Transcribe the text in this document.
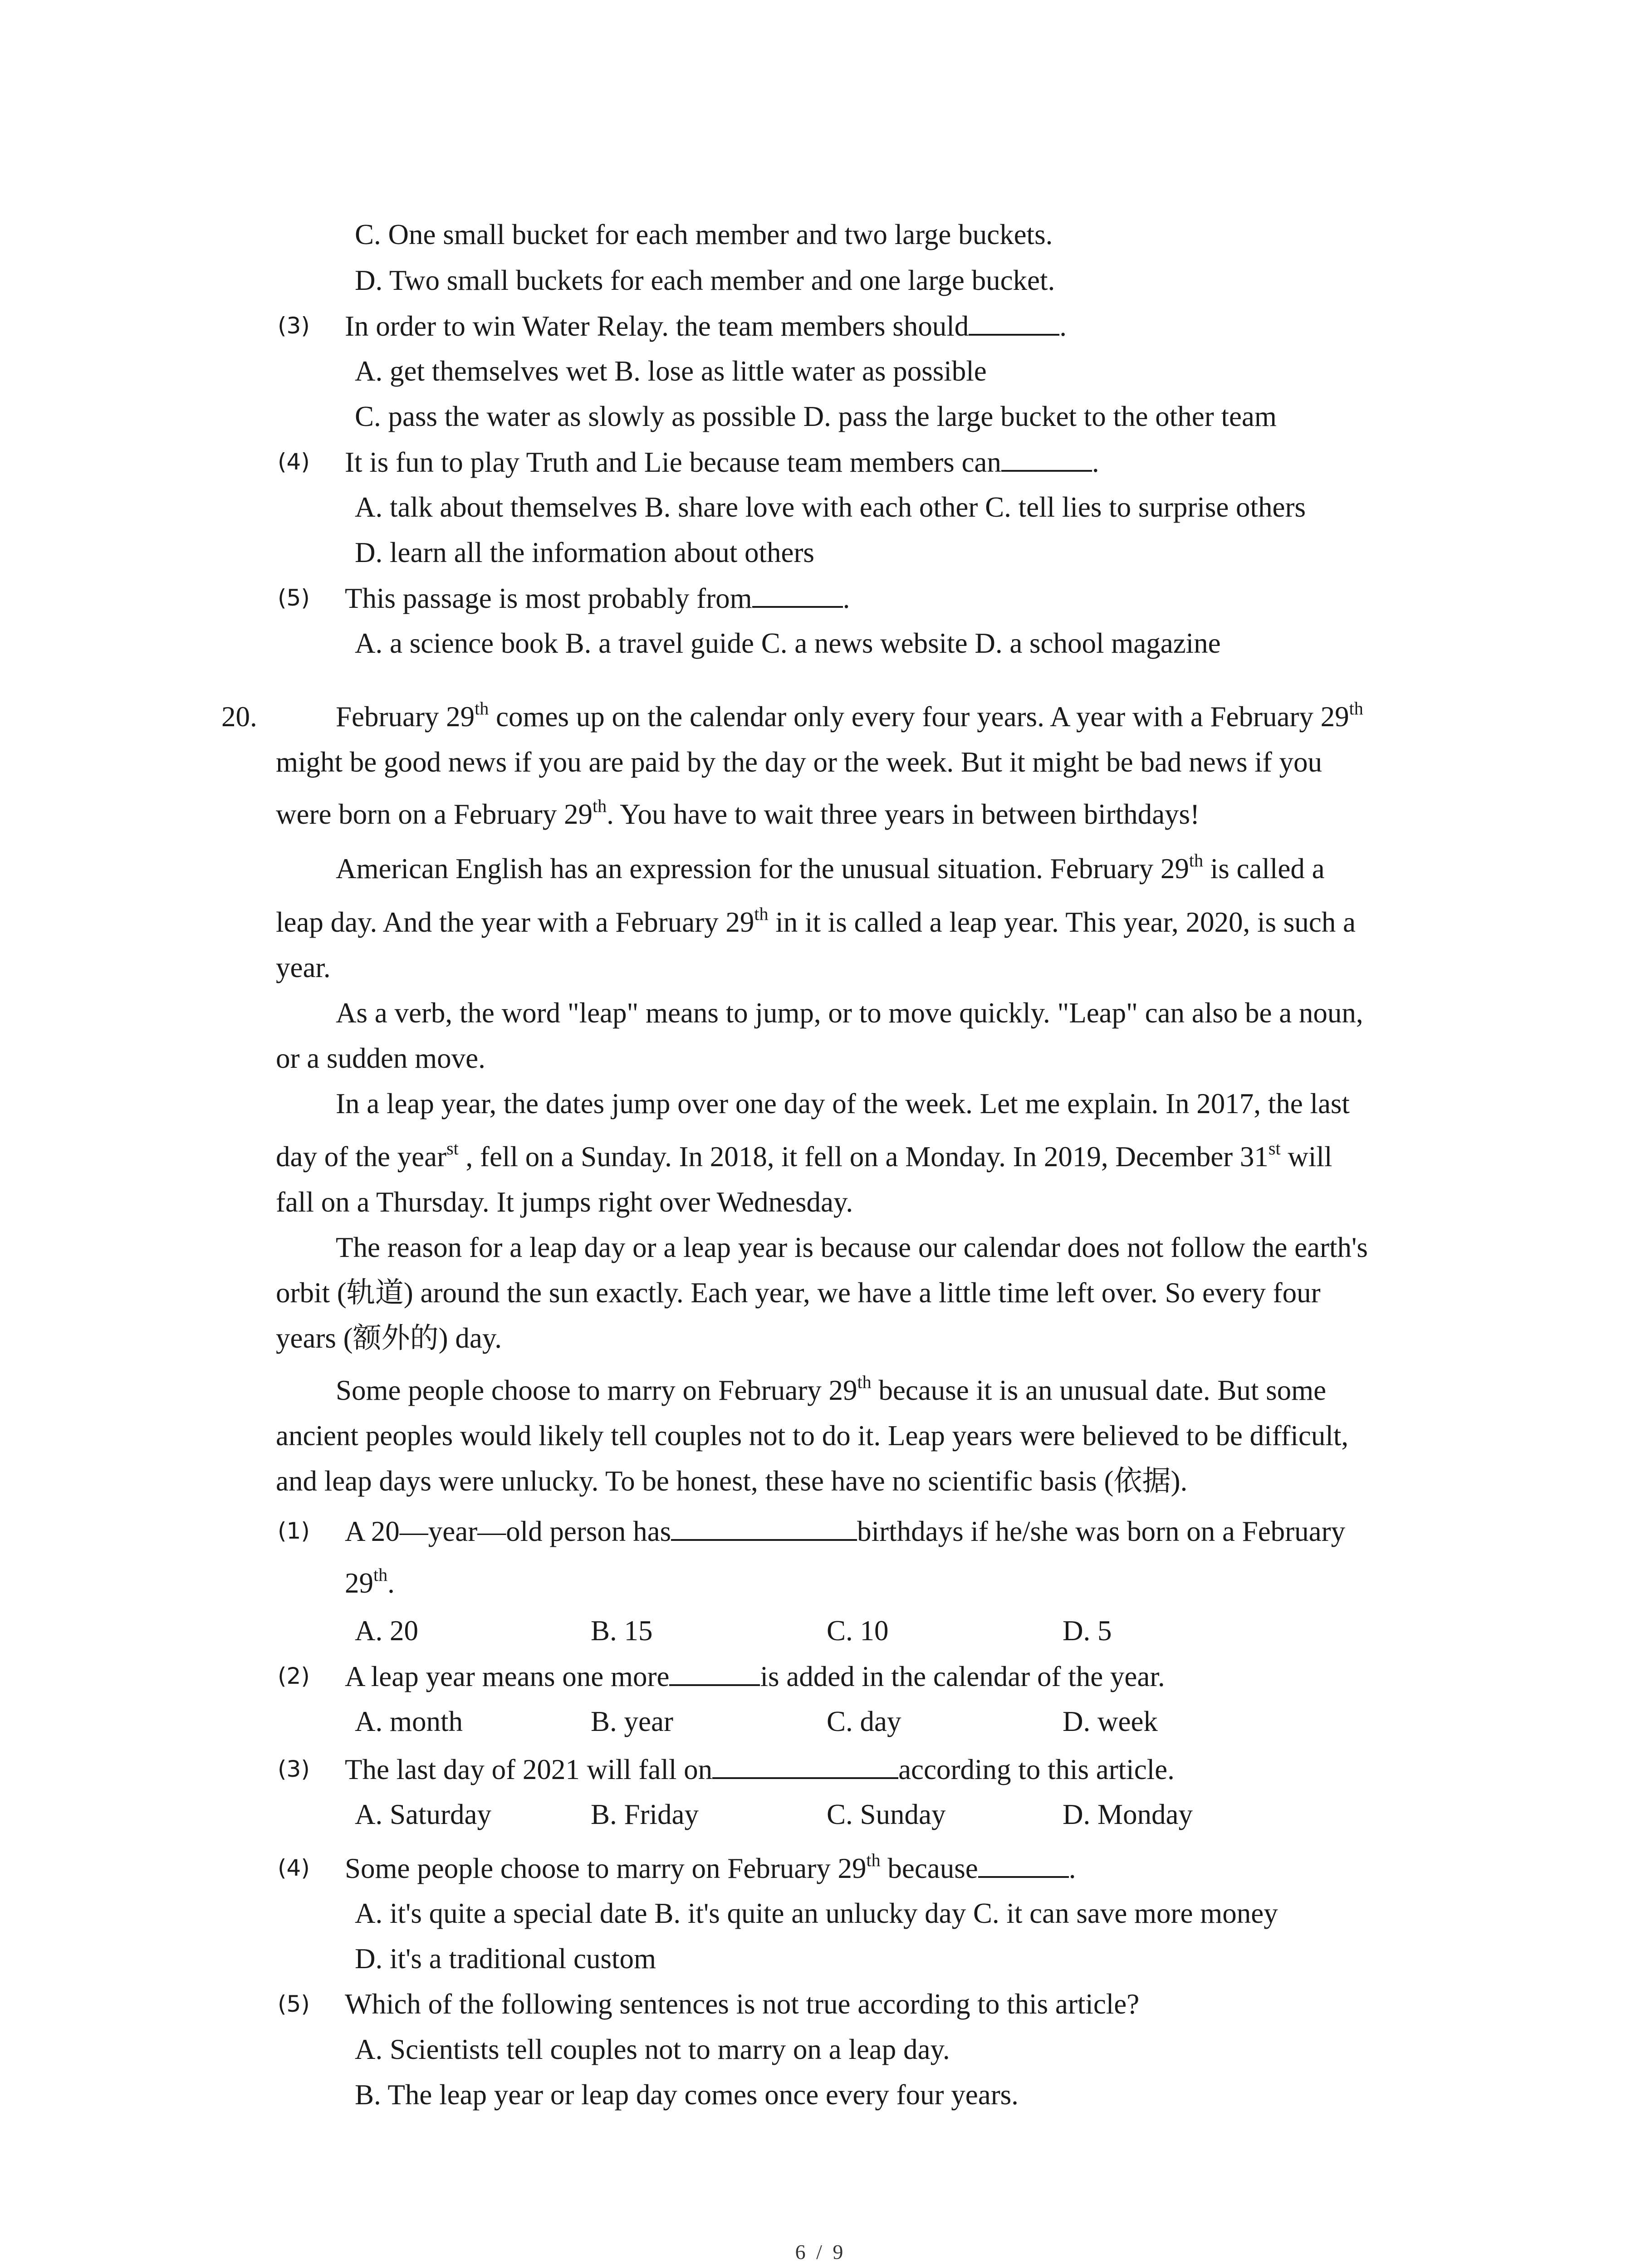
C. One small bucket for each member and two large buckets.
D. Two small buckets for each member and one large bucket.
(3) In order to win Water Relay. the team members should	.
A. get themselves wet B. lose as little water as possible
C. pass the water as slowly as possible D. pass the large bucket to the other team
(4) It is fun to play Truth and Lie because team members can	.
A. talk about themselves B. share love with each other C. tell lies to surprise others
D. learn all the information about others
(5) This passage is most probably from	.
A. a science book B. a travel guide C. a news website D. a school magazine
20.	February 29th comes up on the calendar only every four years. A year with a February 29th
might be good news if you are paid by the day or the week. But it might be bad news if you
were born on a February 29th. You have to wait three years in between birthdays!
American English has an expression for the unusual situation. February 29th is called a
leap day. And the year with a February 29th in it is called a leap year. This year, 2020, is such a
year.
As a verb, the word "leap" means to jump, or to move quickly. "Leap" can also be a noun,
or a sudden move.
In a leap year, the dates jump over one day of the week. Let me explain. In 2017, the last
day of the year$^{st}$ , fell on a Sunday. In 2018, it fell on a Monday. In 2019, December 31st will
fall on a Thursday. It jumps right over Wednesday.
The reason for a leap day or a leap year is because our calendar does not follow the earth's
orbit (轨道) around the sun exactly. Each year, we have a little time left over. So every four
years (额外的) day.
Some people choose to marry on February 29th because it is an unusual date. But some
ancient peoples would likely tell couples not to do it. Leap years were believed to be difficult,
and leap days were unlucky. To be honest, these have no scientific basis (依据).
(1) A 20—year—old person has	birthdays if he/she was born on a February
29th.
A. 20	B. 15	C. 10	D. 5
(2) A leap year means one more	is added in the calendar of the year.
A. month	B. year	C. day	D. week
(3) The last day of 2021 will fall on	according to this article.
A. Saturday	B. Friday	C. Sunday	D. Monday
(4) Some people choose to marry on February 29th because	.
A. it's quite a special date B. it's quite an unlucky day C. it can save more money
D. it's a traditional custom
(5) Which of the following sentences is not true according to this article?
A. Scientists tell couples not to marry on a leap day.
B. The leap year or leap day comes once every four years.
6 / 9
